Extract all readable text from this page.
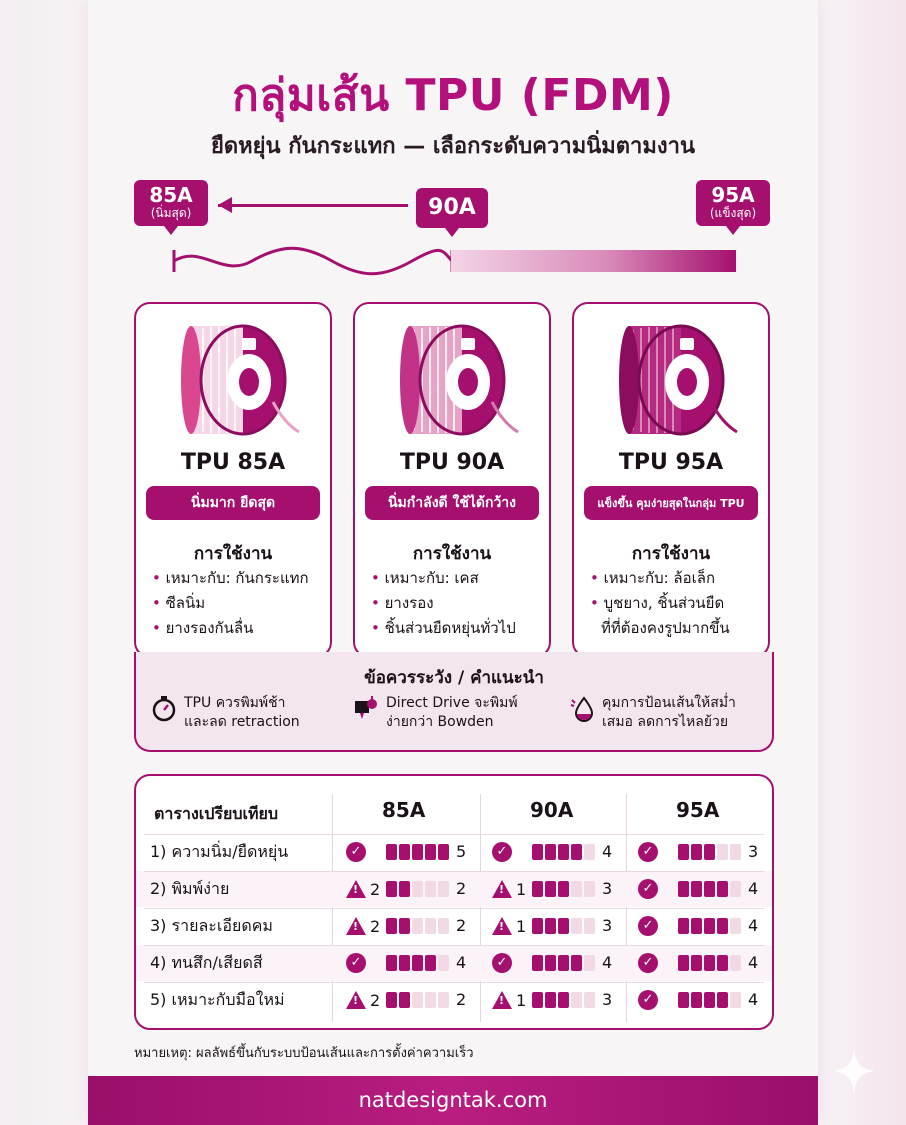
กลุ่มเส้น TPU (FDM)
ยืดหยุ่น กันกระแทก — เลือกระดับความนิ่มตามงาน
85A
(นิ่มสุด)	90A	95A
(แข็งสุด)
TPU 85A
นิ่มมาก ยืดสุด
การใช้งาน
• เหมาะกับ: กันกระแทก
• ซีลนิ่ม
• ยางรองกันลื่น
TPU 90A
นิ่มกำลังดี ใช้ได้กว้าง
การใช้งาน
• เหมาะกับ: เคส
• ยางรอง
• ชิ้นส่วนยืดหยุ่นทั่วไป
TPU 95A
แข็งขึ้น คุมง่ายสุดในกลุ่ม TPU
การใช้งาน
• เหมาะกับ: ล้อเล็ก
• บูชยาง, ชิ้นส่วนยืด
ที่ที่ต้องคงรูปมากขึ้น
ข้อควรระวัง / คำแนะนำ
TPU ควรพิมพ์ช้า
และลด retraction
Direct Drive จะพิมพ์
ง่ายกว่า Bowden
คุมการป้อนเส้นให้สม่ำ
เสมอ ลดการไหลย้วย
ตารางเปรียบเทียบ	85A	90A	95A
1) ความนิ่ม/ยืดหยุ่น	✓	5	✓	4	✓	3
2) พิมพ์ง่าย	! 2	2	! 1	3	✓	4
3) รายละเอียดคม	! 2	2	! 1	3	✓	4
4) ทนสึก/เสียดสี	✓	4	✓	4	✓	4
5) เหมาะกับมือใหม่	! 2	2	! 1	3	✓	4
หมายเหตุ: ผลลัพธ์ขึ้นกับระบบป้อนเส้นและการตั้งค่าความเร็ว
natdesigntak.com
